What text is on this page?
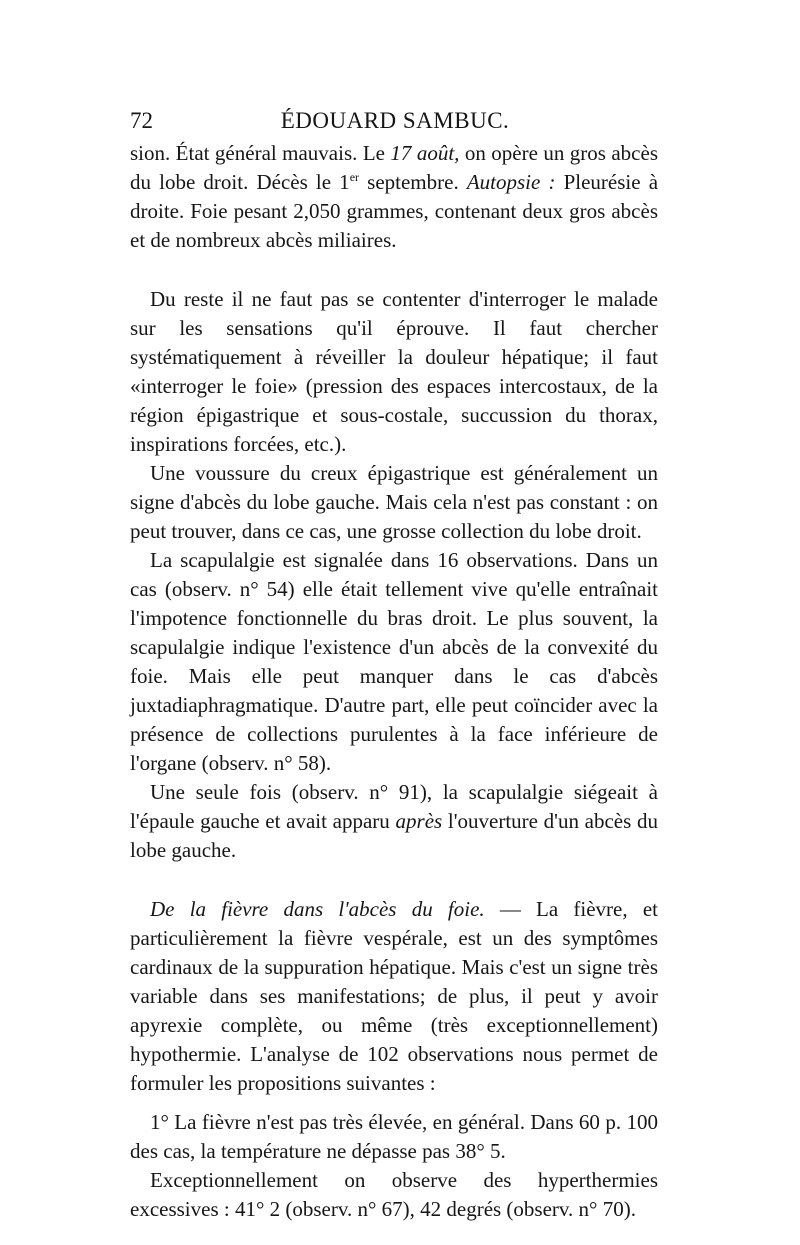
72	ÉDOUARD SAMBUC.

sion. État général mauvais. Le 17 août, on opère un gros abcès du lobe droit. Décès le 1er septembre. Autopsie : Pleurésie à droite. Foie pesant 2,050 grammes, contenant deux gros abcès et de nombreux abcès miliaires.

Du reste il ne faut pas se contenter d'interroger le malade sur les sensations qu'il éprouve. Il faut chercher systématiquement à réveiller la douleur hépatique; il faut «interroger le foie» (pression des espaces intercostaux, de la région épigastrique et sous-costale, succussion du thorax, inspirations forcées, etc.).

Une voussure du creux épigastrique est généralement un signe d'abcès du lobe gauche. Mais cela n'est pas constant : on peut trouver, dans ce cas, une grosse collection du lobe droit.

La scapulalgie est signalée dans 16 observations. Dans un cas (observ. n° 54) elle était tellement vive qu'elle entraînait l'impotence fonctionnelle du bras droit. Le plus souvent, la scapulalgie indique l'existence d'un abcès de la convexité du foie. Mais elle peut manquer dans le cas d'abcès juxtadiaphragmatique. D'autre part, elle peut coïncider avec la présence de collections purulentes à la face inférieure de l'organe (observ. n° 58).

Une seule fois (observ. n° 91), la scapulalgie siégeait à l'épaule gauche et avait apparu après l'ouverture d'un abcès du lobe gauche.

De la fièvre dans l'abcès du foie. — La fièvre, et particulièrement la fièvre vespérale, est un des symptômes cardinaux de la suppuration hépatique. Mais c'est un signe très variable dans ses manifestations; de plus, il peut y avoir apyrexie complète, ou même (très exceptionnellement) hypothermie. L'analyse de 102 observations nous permet de formuler les propositions suivantes :

1° La fièvre n'est pas très élevée, en général. Dans 60 p. 100 des cas, la température ne dépasse pas 38° 5.

Exceptionnellement on observe des hyperthermies excessives : 41° 2 (observ. n° 67), 42 degrés (observ. n° 70).
